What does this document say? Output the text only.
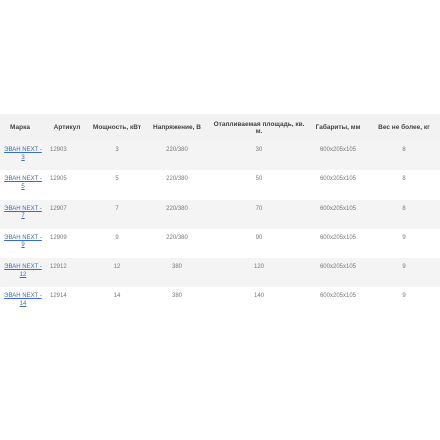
Марка	Артикул	Мощность, кВт	Напряжение, В	Отапливаемая площадь, кв. м.	Габариты, мм	Вес не более, кг
ЭВАН NEXT - 3	12903	3	220/380	30	600x205x105	8
ЭВАН NEXT - 5	12905	5	220/380	50	600x205x105	8
ЭВАН NEXT - 7	12907	7	220/380	70	600x205x105	8
ЭВАН NEXT - 9	12909	9	220/380	90	600x205x105	9
ЭВАН NEXT - 12	12912	12	380	120	600x205x105	9
ЭВАН NEXT - 14	12914	14	380	140	600x205x105	9
